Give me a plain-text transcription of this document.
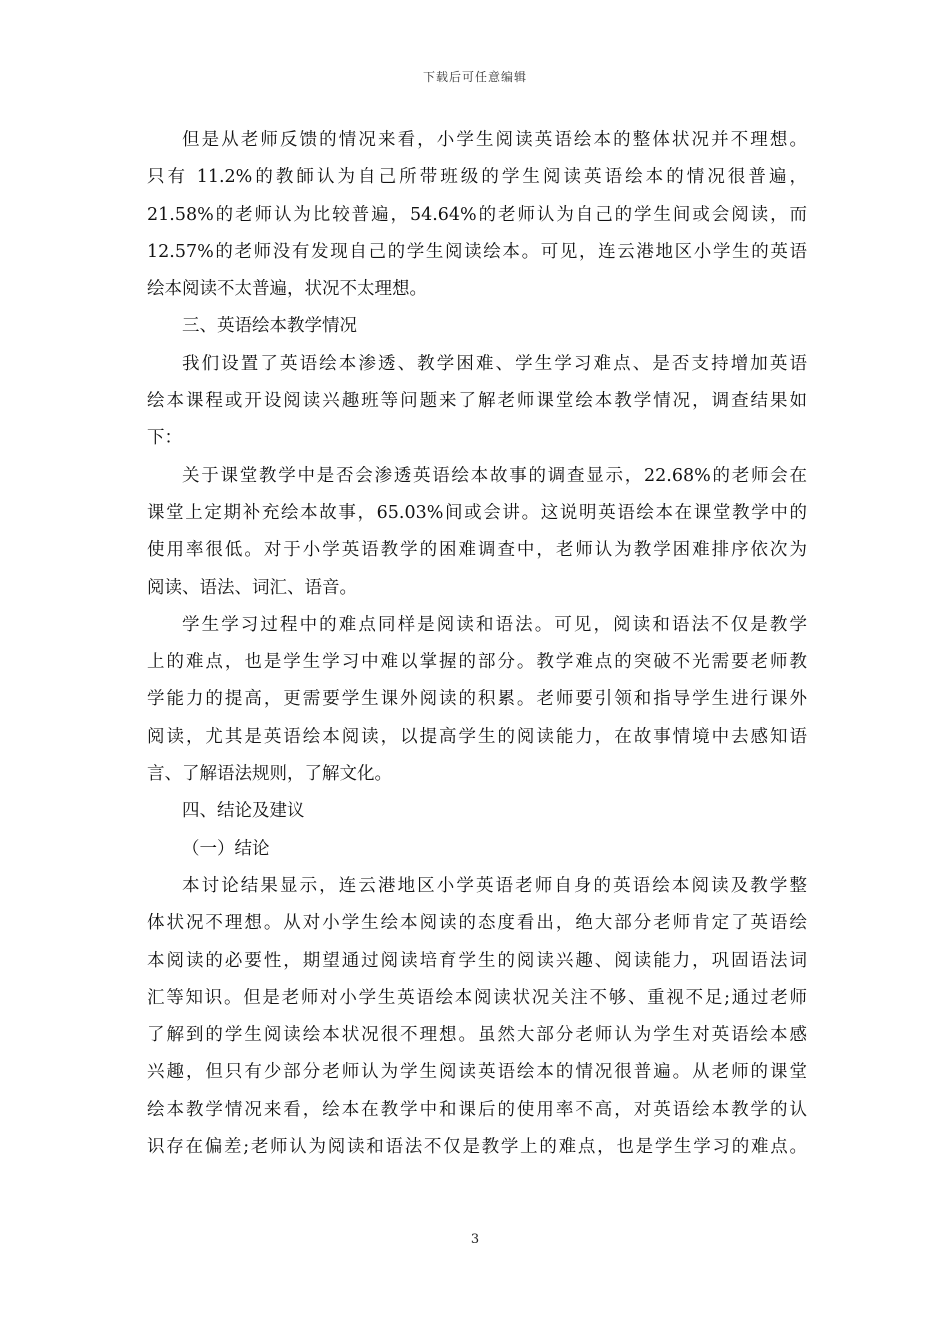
下载后可任意编辑
但是从老师反馈的情况来看，小学生阅读英语绘本的整体状况并不理想。
只有 11.2%的教師认为自己所带班级的学生阅读英语绘本的情况很普遍，
21.58%的老师认为比较普遍，54.64%的老师认为自己的学生间或会阅读，而
12.57%的老师没有发现自己的学生阅读绘本。可见，连云港地区小学生的英语
绘本阅读不太普遍，状况不太理想。
三、英语绘本教学情况
我们设置了英语绘本渗透、教学困难、学生学习难点、是否支持增加英语
绘本课程或开设阅读兴趣班等问题来了解老师课堂绘本教学情况，调查结果如
下：
关于课堂教学中是否会渗透英语绘本故事的调查显示，22.68%的老师会在
课堂上定期补充绘本故事，65.03%间或会讲。这说明英语绘本在课堂教学中的
使用率很低。对于小学英语教学的困难调查中，老师认为教学困难排序依次为
阅读、语法、词汇、语音。
学生学习过程中的难点同样是阅读和语法。可见，阅读和语法不仅是教学
上的难点，也是学生学习中难以掌握的部分。教学难点的突破不光需要老师教
学能力的提高，更需要学生课外阅读的积累。老师要引领和指导学生进行课外
阅读，尤其是英语绘本阅读，以提高学生的阅读能力，在故事情境中去感知语
言、了解语法规则，了解文化。
四、结论及建议
（一）结论
本讨论结果显示，连云港地区小学英语老师自身的英语绘本阅读及教学整
体状况不理想。从对小学生绘本阅读的态度看出，绝大部分老师肯定了英语绘
本阅读的必要性，期望通过阅读培育学生的阅读兴趣、阅读能力，巩固语法词
汇等知识。但是老师对小学生英语绘本阅读状况关注不够、重视不足;通过老师
了解到的学生阅读绘本状况很不理想。虽然大部分老师认为学生对英语绘本感
兴趣，但只有少部分老师认为学生阅读英语绘本的情况很普遍。从老师的课堂
绘本教学情况来看，绘本在教学中和课后的使用率不高，对英语绘本教学的认
识存在偏差;老师认为阅读和语法不仅是教学上的难点，也是学生学习的难点。
3
